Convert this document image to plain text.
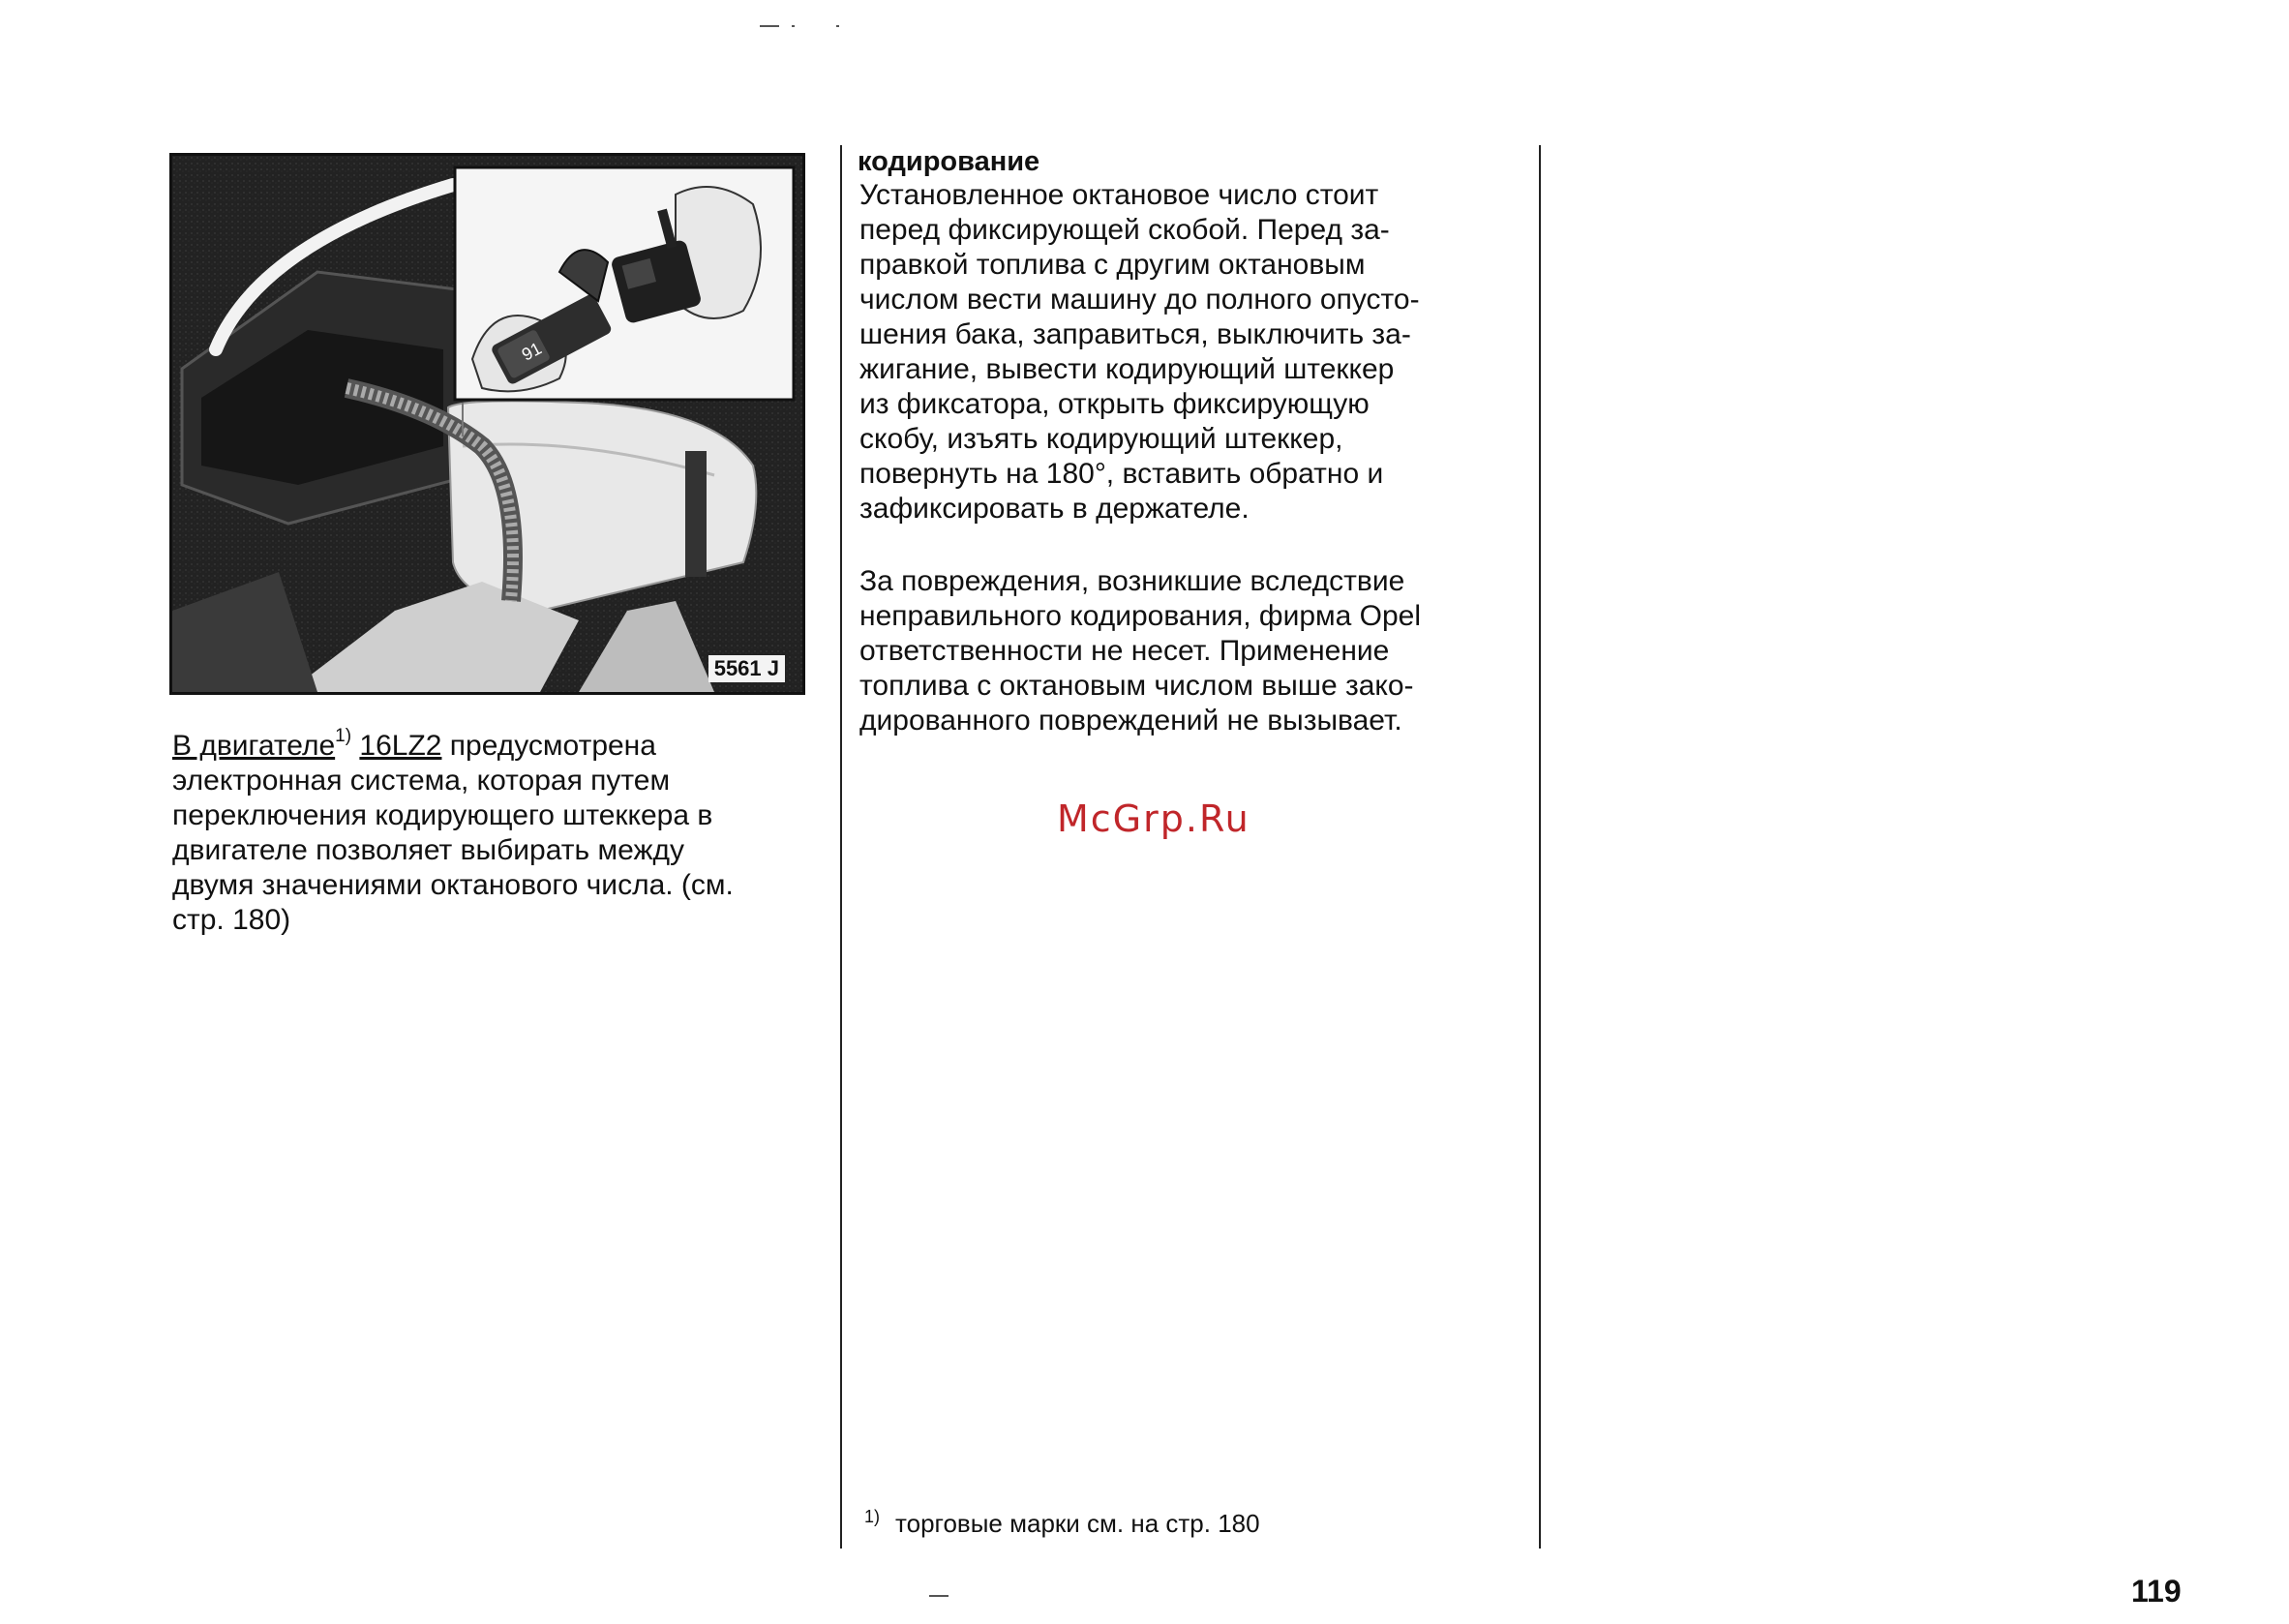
91
5561 J
В двигателе$^{1)}$ 16LZ2 предусмотрена
электронная система, которая путем
переключения кодирующего штеккера в
двигателе позволяет выбирать между
двумя значениями октанового числа. (см.
стр. 180)
кодирование
Установленное октановое число стоит
перед фиксирующей скобой. Перед за-
правкой топлива с другим октановым
числом вести машину до полного опусто-
шения бака, заправиться, выключить за-
жигание, вывести кодирующий штеккер
из фиксатора, открыть фиксирующую
скобу, изъять кодирующий штеккер,
повернуть на 180°, вставить обратно и
зафиксировать в держателе.
За повреждения, возникшие вследствие
неправильного кодирования, фирма Opel
ответственности не несет. Применение
топлива с октановым числом выше зако-
дированного повреждений не вызывает.
McGrp.Ru
$^{1)}$ торговые марки см. на стр. 180
119
